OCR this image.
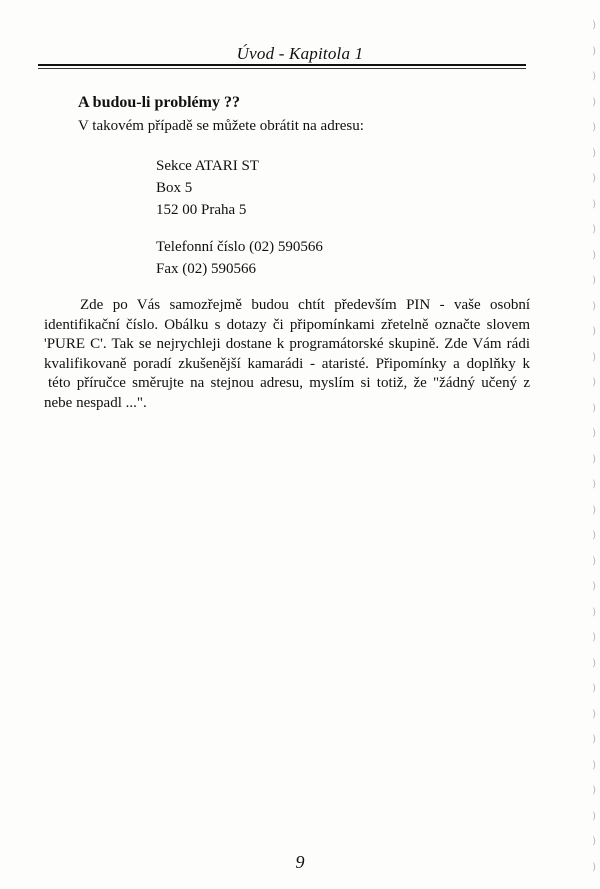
Úvod - Kapitola 1
A budou-li problémy ??
V takovém případě se můžete obrátit na adresu:
Sekce ATARI ST
Box 5
152 00 Praha 5
Telefonní číslo (02) 590566
Fax (02) 590566
Zde po Vás samozřejmě budou chtít především PIN - vaše osobní
identifikační číslo. Obálku s dotazy či připomínkami zřetelně označte slovem
'PURE C'. Tak se nejrychleji dostane k programátorské skupině. Zde Vám rádi
kvalifikovaně poradí zkušenější kamarádi - ataristé. Připomínky a doplňky k
této příručce směrujte na stejnou adresu, myslím si totiž, že "žádný učený z
nebe nespadl ...".
9
)
)
)
)
)
)
)
)
)
)
)
)
)
)
)
)
)
)
)
)
)
)
)
)
)
)
)
)
)
)
)
)
)
)
